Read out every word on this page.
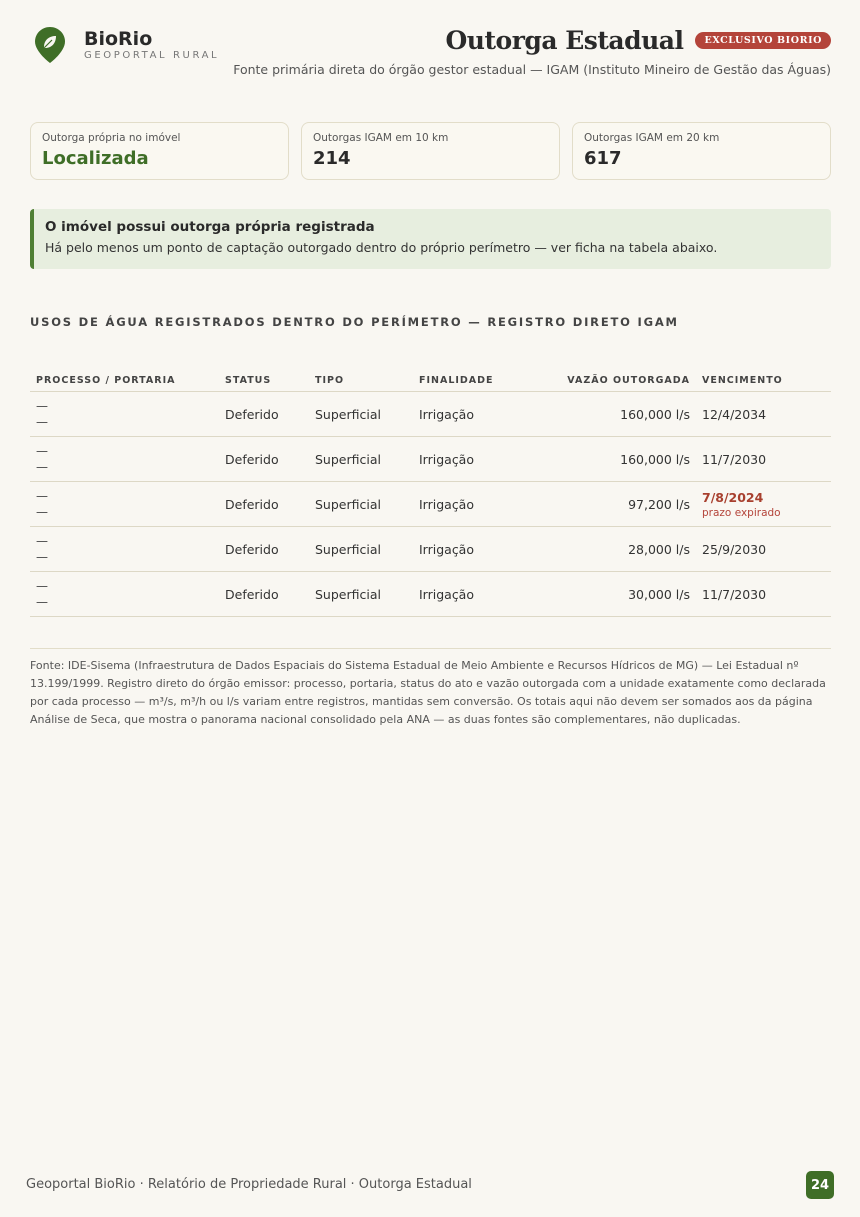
BioRio
GEOPORTAL RURAL
Outorga Estadual	EXCLUSIVO BIORIO
Fonte primária direta do órgão gestor estadual — IGAM (Instituto Mineiro de Gestão das Águas)
Outorga própria no imóvel
Localizada
Outorgas IGAM em 10 km
214
Outorgas IGAM em 20 km
617
O imóvel possui outorga própria registrada
Há pelo menos um ponto de captação outorgado dentro do próprio perímetro — ver ficha na tabela abaixo.
USOS DE ÁGUA REGISTRADOS DENTRO DO PERÍMETRO — REGISTRO DIRETO IGAM
PROCESSO / PORTARIA	STATUS	TIPO	FINALIDADE	VAZÃO OUTORGADA	VENCIMENTO
—
—
Deferido	Superficial	Irrigação	160,000 l/s 12/4/2034
—
—
Deferido	Superficial	Irrigação	160,000 l/s 11/7/2030
—
—
Deferido	Superficial	Irrigação	97,200 l/s 7/8/2024
prazo expirado
—
—
Deferido	Superficial	Irrigação	28,000 l/s 25/9/2030
—
—
Deferido	Superficial	Irrigação	30,000 l/s 11/7/2030
Fonte: IDE-Sisema (Infraestrutura de Dados Espaciais do Sistema Estadual de Meio Ambiente e Recursos Hídricos de MG) — Lei Estadual nº 13.199/1999. Registro direto do órgão emissor: processo, portaria, status do ato e vazão outorgada com a unidade exatamente como declarada por cada processo — m³/s, m³/h ou l/s variam entre registros, mantidas sem conversão. Os totais aqui não devem ser somados aos da página Análise de Seca, que mostra o panorama nacional consolidado pela ANA — as duas fontes são complementares, não duplicadas.
Geoportal BioRio · Relatório de Propriedade Rural · Outorga Estadual	24
